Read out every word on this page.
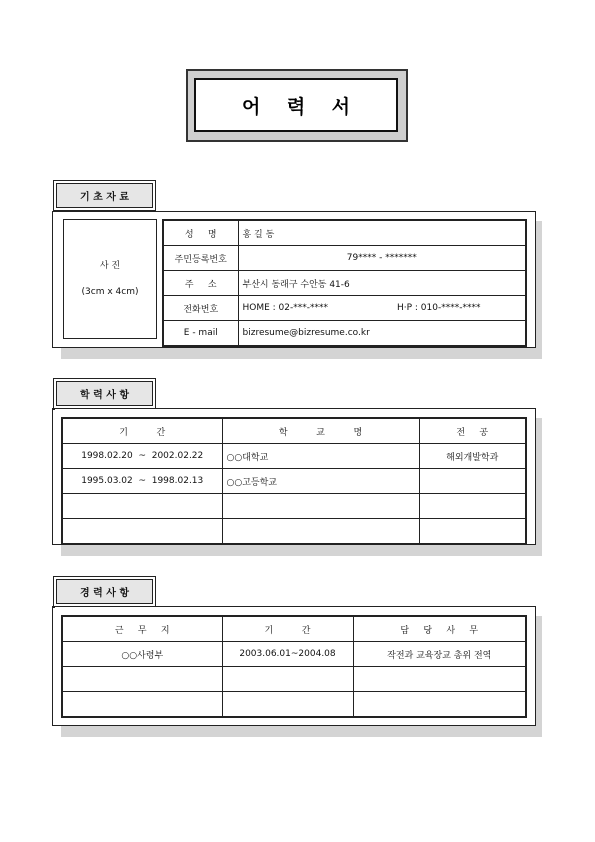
어    력    서
기 초 자 료
사 진
(3cm x 4cm)
성     명	홍 길 동	
주민등록번호	79**** - *******	
주     소	부산시 동래구 수안동 41-6	
전화번호	HOME : 02-***-****	H·P : 010-****-****
E - mail	bizresume@bizresume.co.kr	
학 력 사 항
기          간	학          교          명	전     공
1998.02.20  ~  2002.02.22	○○대학교	해외개발학과
1995.03.02  ~  1998.02.13	○○고등학교	

경 력 사 항
근     무     지	기          간	담     당     사     무
○○사령부	2003.06.01~2004.08	작전과 교육장교 총위 전역
